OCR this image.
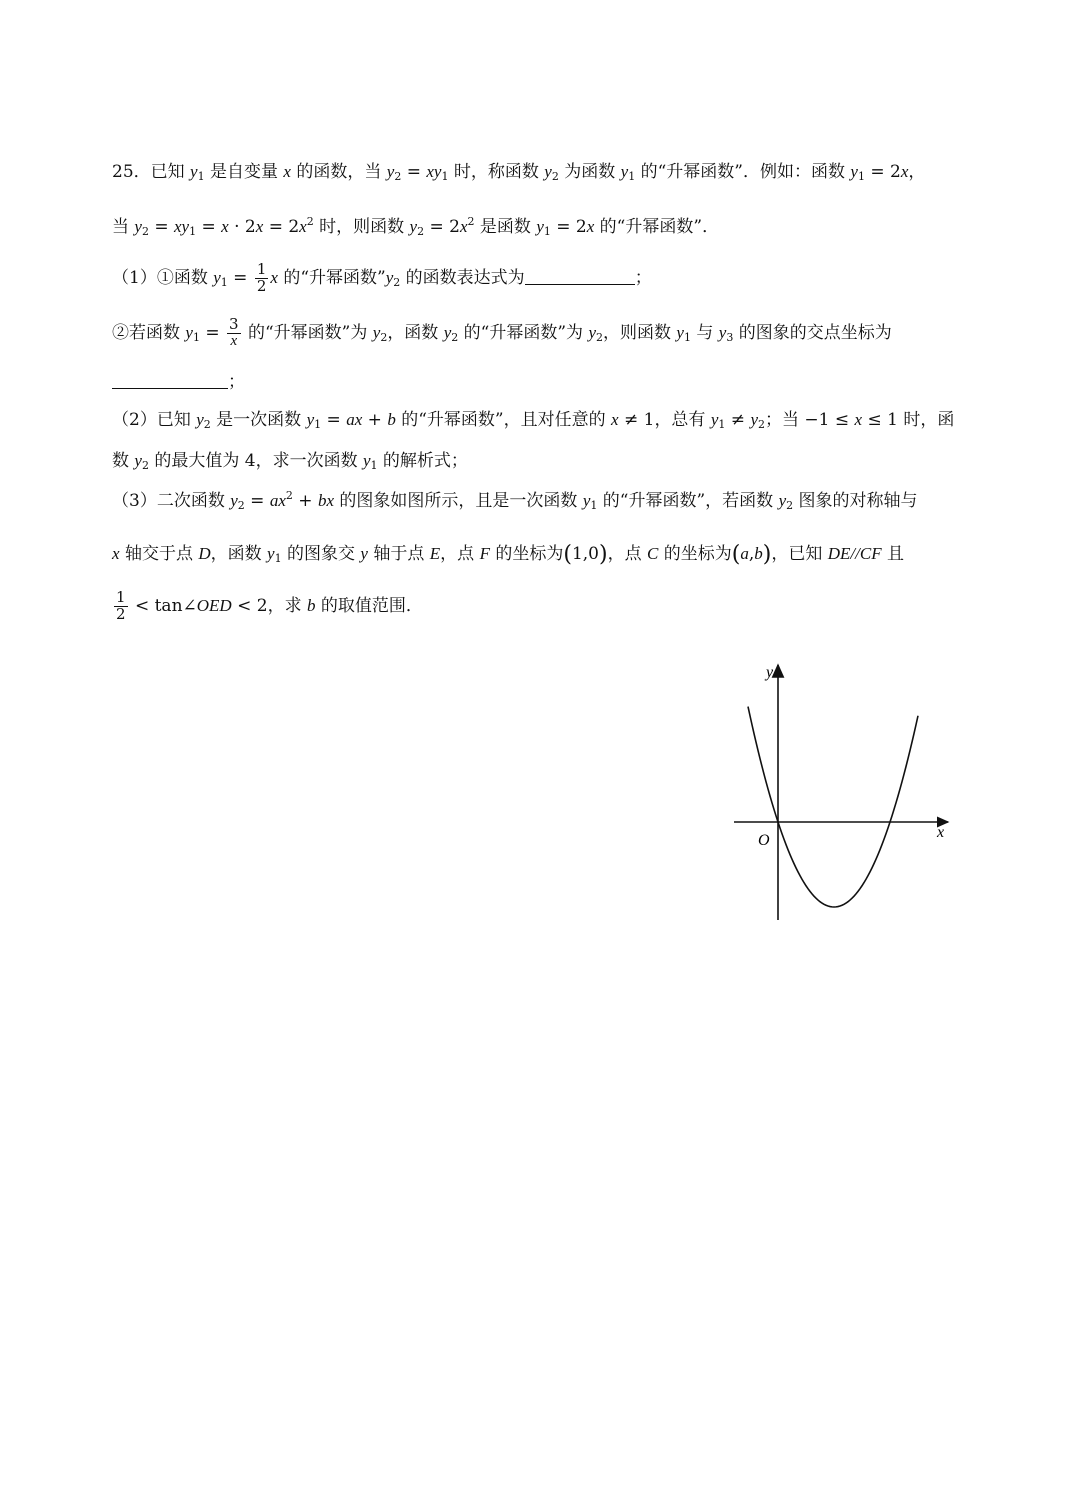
25．已知 $y_1$ 是自变量 x 的函数，当 $y_2 = xy_1$ 时，称函数 $y_2$ 为函数 $y_1$ 的“升幂函数”．例如：函数 $y_1 = 2x$，
当 $y_2 = xy_1 = x \cdot 2x = 2x^2$ 时，则函数 $y_2 = 2x^2$ 是函数 $y_1 = 2x$ 的“升幂函数”．
（1）①函数 $y_1 = \frac{1}{2}$ x 的“升幂函数$”y_2$ 的函数表达式为	；
②若函数 $y_1 = \frac{3}{x}$ 的“升幂函数”为 $y_2$，函数 $y_2$ 的“升幂函数”为 $y_2$，则函数 $y_1$ 与 $y_3$ 的图象的交点坐标为
；
（2）已知 $y_2$ 是一次函数 $y_1$ = ax + b 的“升幂函数”，且对任意的 x ≠ 1，总有 $y_1 \ne y_2$；当 −1 ≤ x ≤ 1 时，函
数 $y_2$ 的最大值为 4，求一次函数 $y_1$ 的解析式；
（3）二次函数 $y_2 = ax^2$ + bx 的图象如图所示，且是一次函数 $y_1$ 的“升幂函数”，若函数 $y_2$ 图象的对称轴与
x 轴交于点 D，函数 $y_1$ 的图象交 y 轴于点 E，点 F 的坐标为(1,0)，点 C 的坐标为(a,b)，已知 DE//CF 且
$\frac{1}{2}$ < tan∠OED < 2，求 b 的取值范围．
y
x
O
